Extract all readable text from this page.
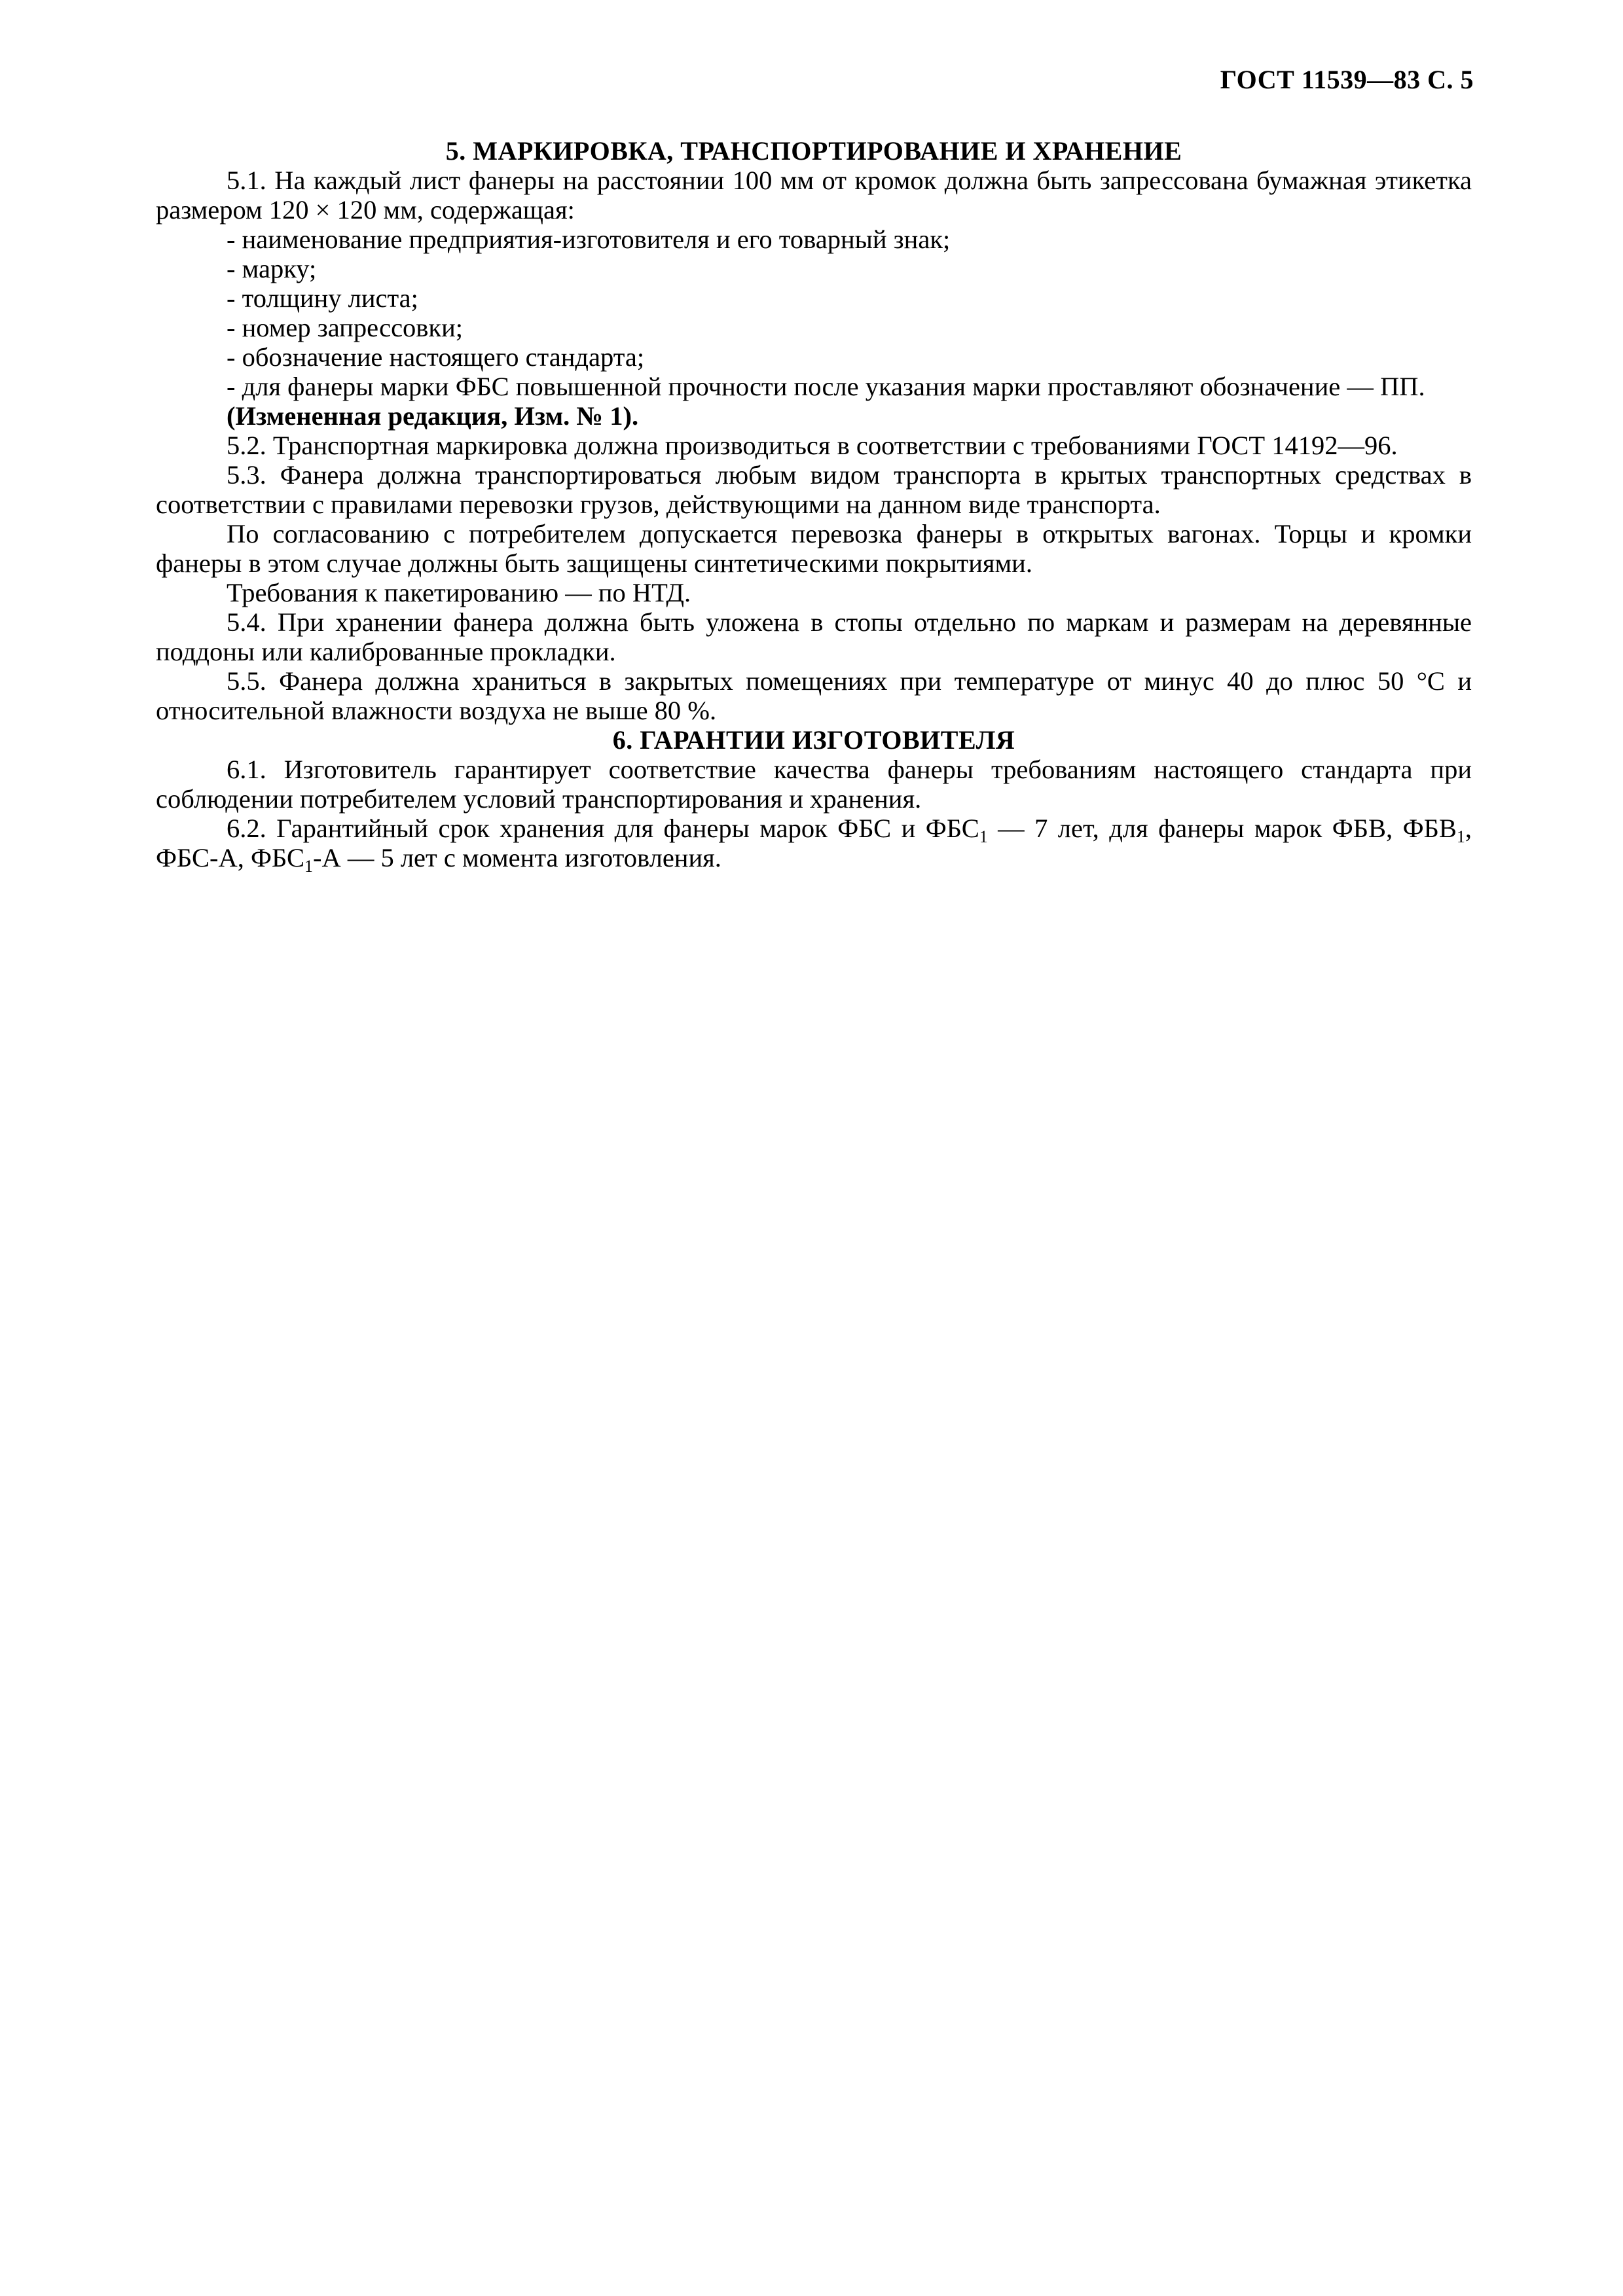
ГОСТ 11539—83 С. 5
5. МАРКИРОВКА, ТРАНСПОРТИРОВАНИЕ И ХРАНЕНИЕ

5.1. На каждый лист фанеры на расстоянии 100 мм от кромок должна быть запрессована бумажная этикетка размером 120 × 120 мм, содержащая:

- наименование предприятия-изготовителя и его товарный знак;

- марку;

- толщину листа;

- номер запрессовки;

- обозначение настоящего стандарта;

- для фанеры марки ФБС повышенной прочности после указания марки проставляют обозначение — ПП.

(Измененная редакция, Изм. № 1).

5.2. Транспортная маркировка должна производиться в соответствии с требованиями ГОСТ 14192—96.

5.3. Фанера должна транспортироваться любым видом транспорта в крытых транспортных средствах в соответствии с правилами перевозки грузов, действующими на данном виде транспорта.

По согласованию с потребителем допускается перевозка фанеры в открытых вагонах. Торцы и кромки фанеры в этом случае должны быть защищены синтетическими покрытиями.

Требования к пакетированию — по НТД.

5.4. При хранении фанера должна быть уложена в стопы отдельно по маркам и размерам на деревянные поддоны или калиброванные прокладки.

5.5. Фанера должна храниться в закрытых помещениях при температуре от минус 40 до плюс 50 °С и относительной влажности воздуха не выше 80 %.

6. ГАРАНТИИ ИЗГОТОВИТЕЛЯ

6.1. Изготовитель гарантирует соответствие качества фанеры требованиям настоящего стандарта при соблюдении потребителем условий транспортирования и хранения.

6.2. Гарантийный срок хранения для фанеры марок ФБС и $ФБС_1$ — 7 лет, для фанеры марок ФБВ, $ФБВ_1$, ФБС-А, $ФБС_1-А$ — 5 лет с момента изготовления.
